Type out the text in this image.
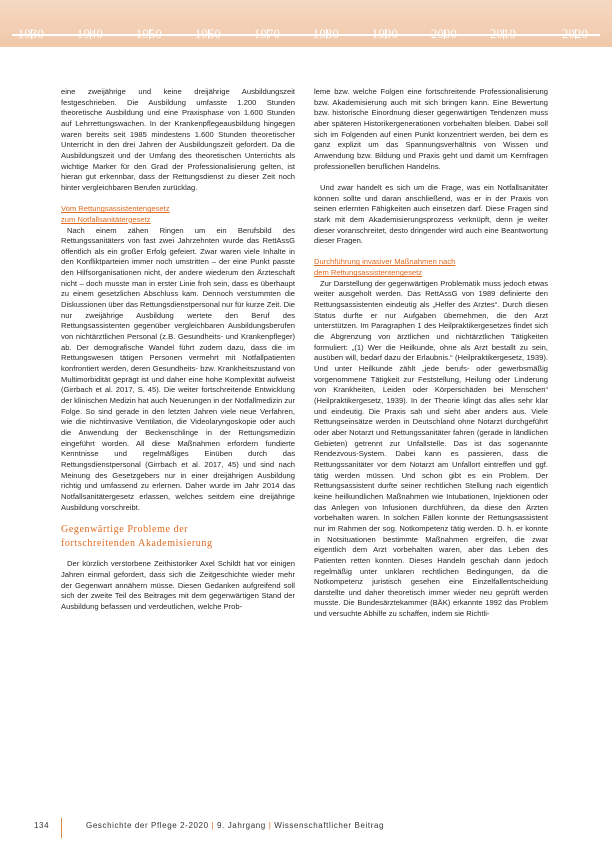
1930	1940	1950	1960	1970	1980	1990	2000	2010	2020

eine zweijährige und keine dreijährige Ausbildungszeit festgeschrieben. Die Ausbildung umfasste 1.200 Stunden theoretische Ausbildung und eine Praxisphase von 1.600 Stunden auf Lehrrettungswachen. In der Krankenpflegeausbildung hingegen waren bereits seit 1985 mindestens 1.600 Stunden theoretischer Unterricht in den drei Jahren der Ausbildungszeit gefordert. Da die Ausbildungszeit und der Umfang des theoretischen Unterrichts als wichtige Marker für den Grad der Professionalisierung gelten, ist hieran gut erkennbar, dass der Rettungsdienst zu dieser Zeit noch hinter vergleichbaren Berufen zurücklag.

Vom Rettungsassistentengesetz
zum Notfallsanitätergesetz

Nach einem zähen Ringen um ein Berufsbild des Rettungssanitäters von fast zwei Jahrzehnten wurde das RettAssG öffentlich als ein großer Erfolg gefeiert. Zwar waren viele Inhalte in den Konfliktparteien immer noch umstritten – der eine Punkt passte den Hilfsorganisationen nicht, der andere wiederum den Ärzteschaft nicht – doch musste man in erster Linie froh sein, dass es überhaupt zu einem gesetzlichen Abschluss kam. Dennoch verstummten die Diskussionen über das Rettungsdienstpersonal nur für kurze Zeit. Die nur zweijährige Ausbildung wertete den Beruf des Rettungsassistenten gegenüber vergleichbaren Ausbildungsberufen von nichtärztlichen Personal (z.B. Gesundheits- und Krankenpfleger) ab. Der demografische Wandel führt zudem dazu, dass die im Rettungswesen tätigen Personen vermehrt mit Notfallpatienten konfrontiert werden, deren Gesundheits- bzw. Krankheitszustand von Multimorbidität geprägt ist und daher eine hohe Komplexität aufweist (Girrbach et al. 2017, S. 45). Die weiter fortschreitende Entwicklung der klinischen Medizin hat auch Neuerungen in der Notfallmedizin zur Folge. So sind gerade in den letzten Jahren viele neue Verfahren, wie die nichtinvasive Ventilation, die Videolaryngoskopie oder auch die Anwendung der Beckenschlinge in der Rettungsmedizin eingeführt worden. All diese Maßnahmen erfordern fundierte Kenntnisse und regelmäßiges Einüben durch das Rettungsdienstpersonal (Girrbach et al. 2017, 45) und sind nach Meinung des Gesetzgebers nur in einer dreijährigen Ausbildung richtig und umfassend zu erlernen. Daher wurde im Jahr 2014 das Notfallsanitätergesetz erlassen, welches seitdem eine dreijährige Ausbildung vorschreibt.

Gegenwärtige Probleme der
fortschreitenden Akademisierung

Der kürzlich verstorbene Zeithistoriker Axel Schildt hat vor einigen Jahren einmal gefordert, dass sich die Zeitgeschichte wieder mehr der Gegenwart annähern müsse. Diesen Gedanken aufgreifend soll sich der zweite Teil des Beitrages mit dem gegenwärtigen Stand der Ausbildung befassen und verdeutlichen, welche Prob-

leme bzw. welche Folgen eine fortschreitende Professionalisierung bzw. Akademisierung auch mit sich bringen kann. Eine Bewertung bzw. historische Einordnung dieser gegenwärtigen Tendenzen muss aber späteren Historikergenerationen vorbehalten bleiben. Dabei soll sich im Folgenden auf einen Punkt konzentriert werden, bei dem es ganz explizit um das Spannungsverhältnis von Wissen und Anwendung bzw. Bildung und Praxis geht und damit um Kernfragen professionellen beruflichen Handelns.

Und zwar handelt es sich um die Frage, was ein Notfallsanitäter können sollte und daran anschließend, was er in der Praxis von seinen erlernten Fähigkeiten auch einsetzen darf. Diese Fragen sind stark mit dem Akademisierungsprozess verknüpft, denn je weiter dieser voranschreitet, desto dringender wird auch eine Beantwortung dieser Fragen.

Durchführung invasiver Maßnahmen nach
dem Rettungsassistentengesetz

Zur Darstellung der gegenwärtigen Problematik muss jedoch etwas weiter ausgeholt werden. Das RettAssG von 1989 definierte den Rettungsassistenten eindeutig als „Helfer des Arztes“. Durch diesen Status durfte er nur Aufgaben übernehmen, die den Arzt unterstützen. Im Paragraphen 1 des Heilpraktikergesetzes findet sich die Abgrenzung von ärztlichen und nichtärztlichen Tätigkeiten formuliert: „(1) Wer die Heilkunde, ohne als Arzt bestallt zu sein, ausüben will, bedarf dazu der Erlaubnis.“ (Heilpraktikergesetz, 1939). Und unter Heilkunde zählt „jede berufs- oder gewerbsmäßig vorgenommene Tätigkeit zur Feststellung, Heilung oder Linderung von Krankheiten, Leiden oder Körperschäden bei Menschen“ (Heilpraktikergesetz, 1939). In der Theorie klingt das alles sehr klar und eindeutig. Die Praxis sah und sieht aber anders aus. Viele Rettungseinsätze werden in Deutschland ohne Notarzt durchgeführt oder aber Notarzt und Rettungssanitäter fahren (gerade in ländlichen Gebieten) getrennt zur Unfallstelle. Das ist das sogenannte Rendezvous-System. Dabei kann es passieren, dass die Rettungssanitäter vor dem Notarzt am Unfallort eintreffen und ggf. tätig werden müssen. Und schon gibt es ein Problem. Der Rettungsassistent durfte seiner rechtlichen Stellung nach eigentlich keine heilkundlichen Maßnahmen wie Intubationen, Injektionen oder das Anlegen von Infusionen durchführen, da diese den Ärzten vorbehalten waren. In solchen Fällen konnte der Rettungsassistent nur im Rahmen der sog. Notkompetenz tätig werden. D. h. er konnte in Notsituationen bestimmte Maßnahmen ergreifen, die zwar eigentlich dem Arzt vorbehalten waren, aber das Leben des Patienten retten konnten. Dieses Handeln geschah dann jedoch regelmäßig unter unklaren rechtlichen Bedingungen, da die Notkompetenz juristisch gesehen eine Einzelfallentscheidung darstellte und daher theoretisch immer wieder neu geprüft werden musste. Die Bundesärztekammer (BÄK) erkannte 1992 das Problem und versuchte Abhilfe zu schaffen, indem sie Richtli-

134	Geschichte der Pflege 2-2020 | 9. Jahrgang | Wissenschaftlicher Beitrag
